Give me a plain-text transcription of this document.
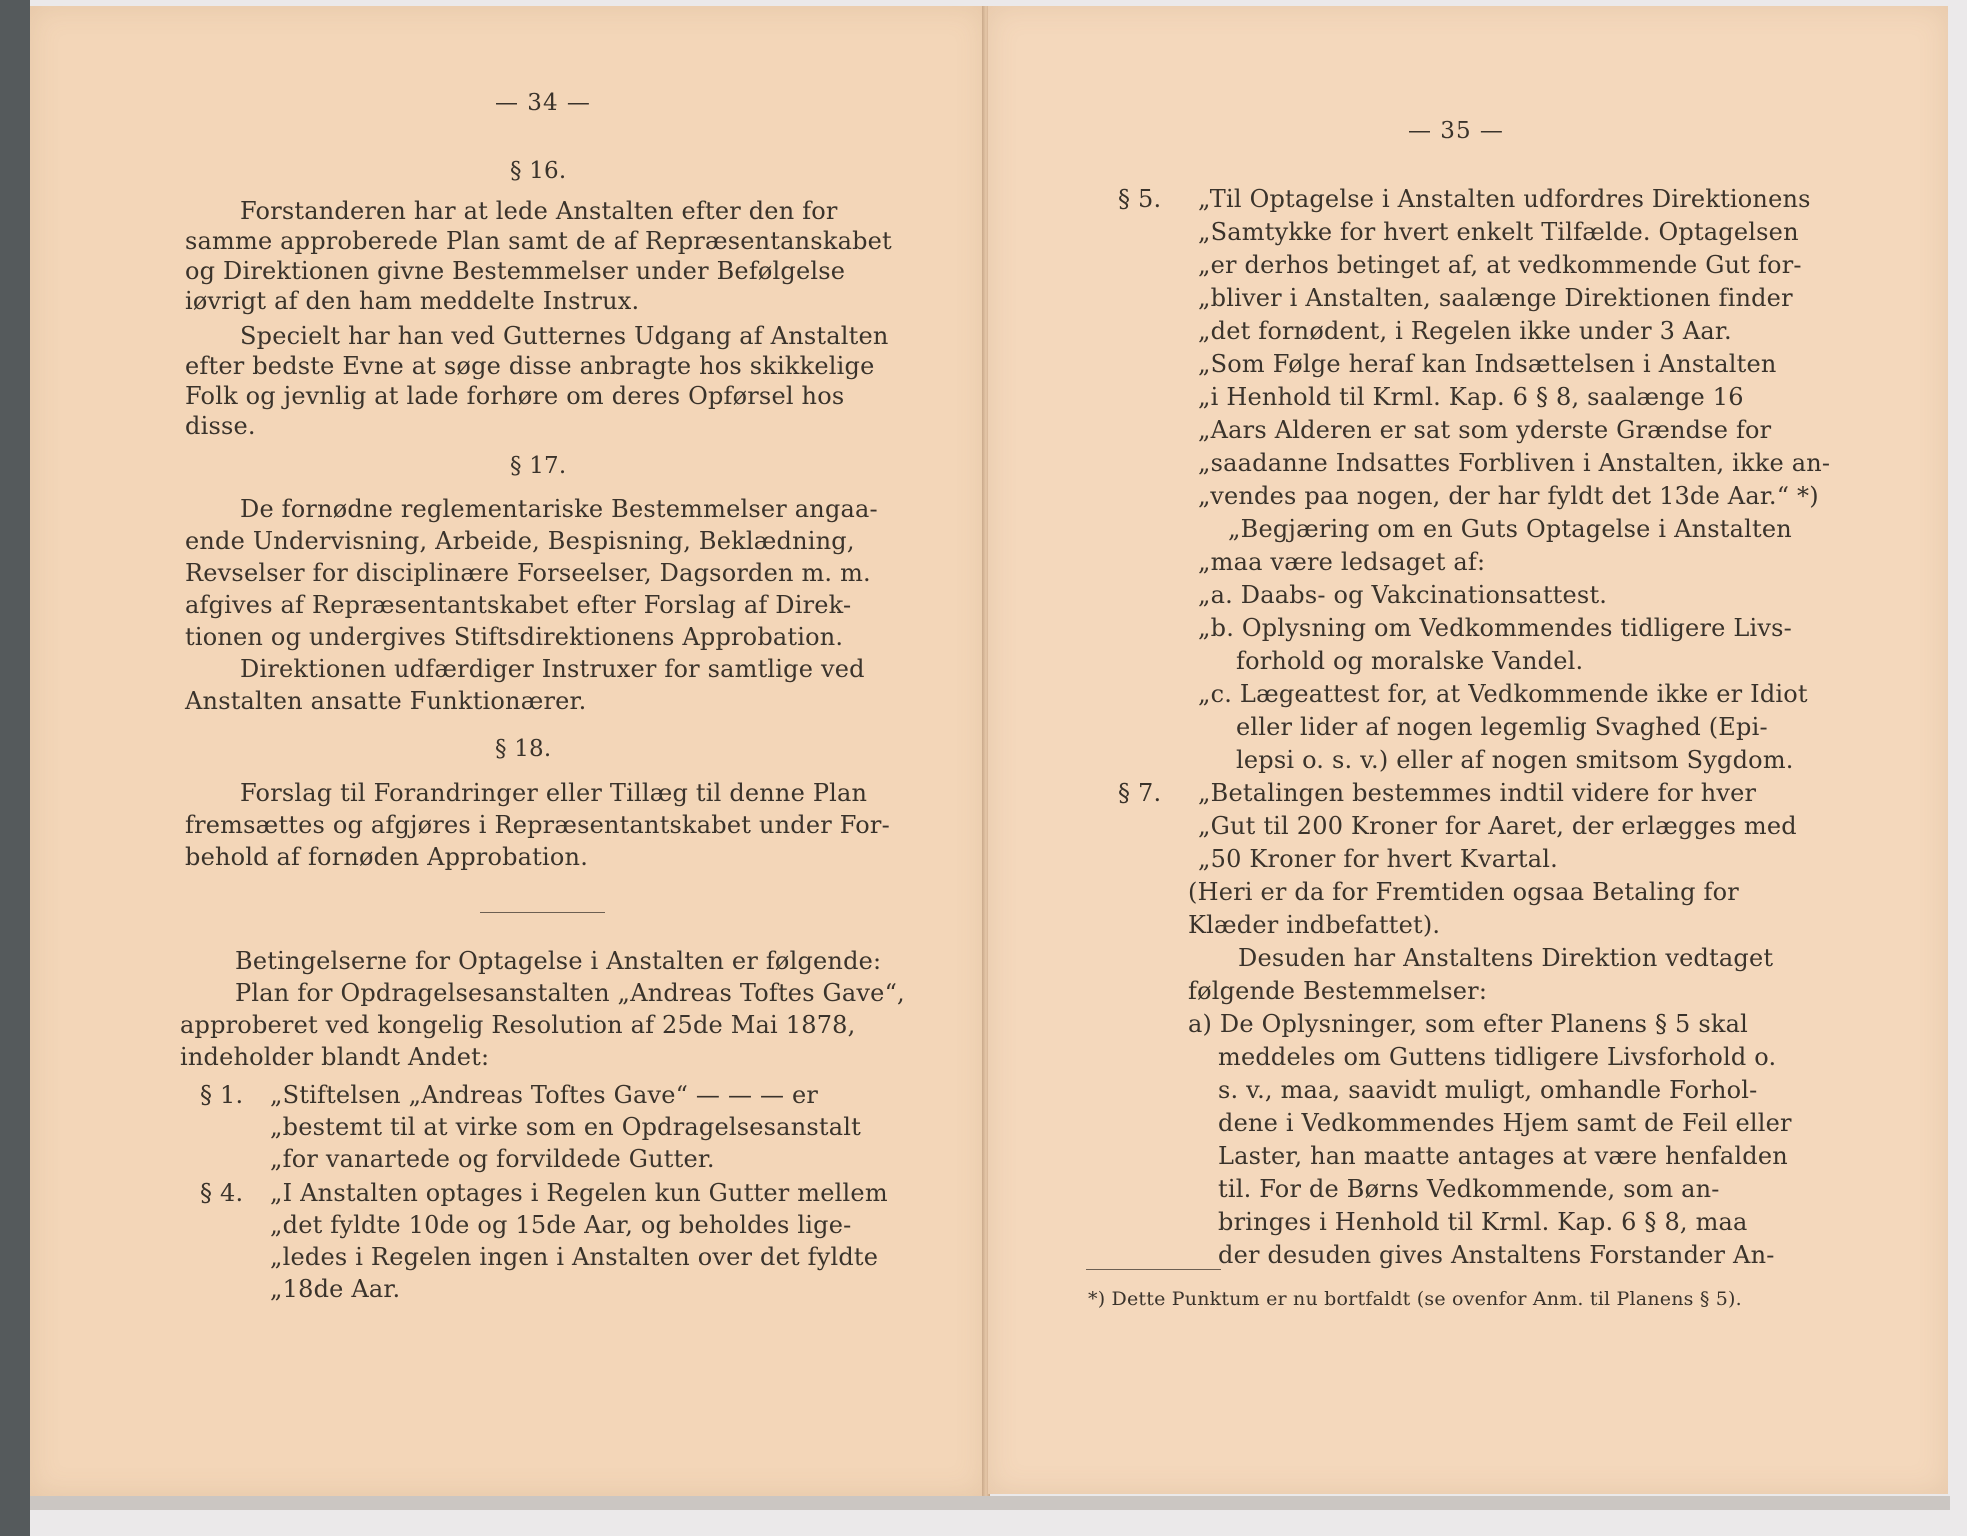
— 34 —
§ 16.
Forstanderen har at lede Anstalten efter den for
samme approberede Plan samt de af Repræsentanskabet
og Direktionen givne Bestemmelser under Befølgelse
iøvrigt af den ham meddelte Instrux.
Specielt har han ved Gutternes Udgang af Anstalten
efter bedste Evne at søge disse anbragte hos skikkelige
Folk og jevnlig at lade forhøre om deres Opførsel hos
disse.
§ 17.
De fornødne reglementariske Bestemmelser angaa-
ende Undervisning, Arbeide, Bespisning, Beklædning,
Revselser for disciplinære Forseelser, Dagsorden m. m.
afgives af Repræsentantskabet efter Forslag af Direk-
tionen og undergives Stiftsdirektionens Approbation.
Direktionen udfærdiger Instruxer for samtlige ved
Anstalten ansatte Funktionærer.
§ 18.
Forslag til Forandringer eller Tillæg til denne Plan
fremsættes og afgjøres i Repræsentantskabet under For-
behold af fornøden Approbation.
Betingelserne for Optagelse i Anstalten er følgende:
Plan for Opdragelsesanstalten „Andreas Toftes Gave“,
approberet ved kongelig Resolution af 25de Mai 1878,
indeholder blandt Andet:
§ 1. „Stiftelsen „Andreas Toftes Gave“ — — — er
„bestemt til at virke som en Opdragelsesanstalt
„for vanartede og forvildede Gutter.
§ 4. „I Anstalten optages i Regelen kun Gutter mellem
„det fyldte 10de og 15de Aar, og beholdes lige-
„ledes i Regelen ingen i Anstalten over det fyldte
„18de Aar.
— 35 —
§ 5. „Til Optagelse i Anstalten udfordres Direktionens
„Samtykke for hvert enkelt Tilfælde. Optagelsen
„er derhos betinget af, at vedkommende Gut for-
„bliver i Anstalten, saalænge Direktionen finder
„det fornødent, i Regelen ikke under 3 Aar.
„Som Følge heraf kan Indsættelsen i Anstalten
„i Henhold til Krml. Kap. 6 § 8, saalænge 16
„Aars Alderen er sat som yderste Grændse for
„saadanne Indsattes Forbliven i Anstalten, ikke an-
„vendes paa nogen, der har fyldt det 13de Aar.“ *)
„Begjæring om en Guts Optagelse i Anstalten
„maa være ledsaget af:
„a. Daabs- og Vakcinationsattest.
„b. Oplysning om Vedkommendes tidligere Livs-
forhold og moralske Vandel.
„c. Lægeattest for, at Vedkommende ikke er Idiot
eller lider af nogen legemlig Svaghed (Epi-
lepsi o. s. v.) eller af nogen smitsom Sygdom.
§ 7. „Betalingen bestemmes indtil videre for hver
„Gut til 200 Kroner for Aaret, der erlægges med
„50 Kroner for hvert Kvartal.
(Heri er da for Fremtiden ogsaa Betaling for
Klæder indbefattet).
Desuden har Anstaltens Direktion vedtaget
følgende Bestemmelser:
a) De Oplysninger, som efter Planens § 5 skal
meddeles om Guttens tidligere Livsforhold o.
s. v., maa, saavidt muligt, omhandle Forhol-
dene i Vedkommendes Hjem samt de Feil eller
Laster, han maatte antages at være henfalden
til. For de Børns Vedkommende, som an-
bringes i Henhold til Krml. Kap. 6 § 8, maa
der desuden gives Anstaltens Forstander An-
*) Dette Punktum er nu bortfaldt (se ovenfor Anm. til Planens § 5).
